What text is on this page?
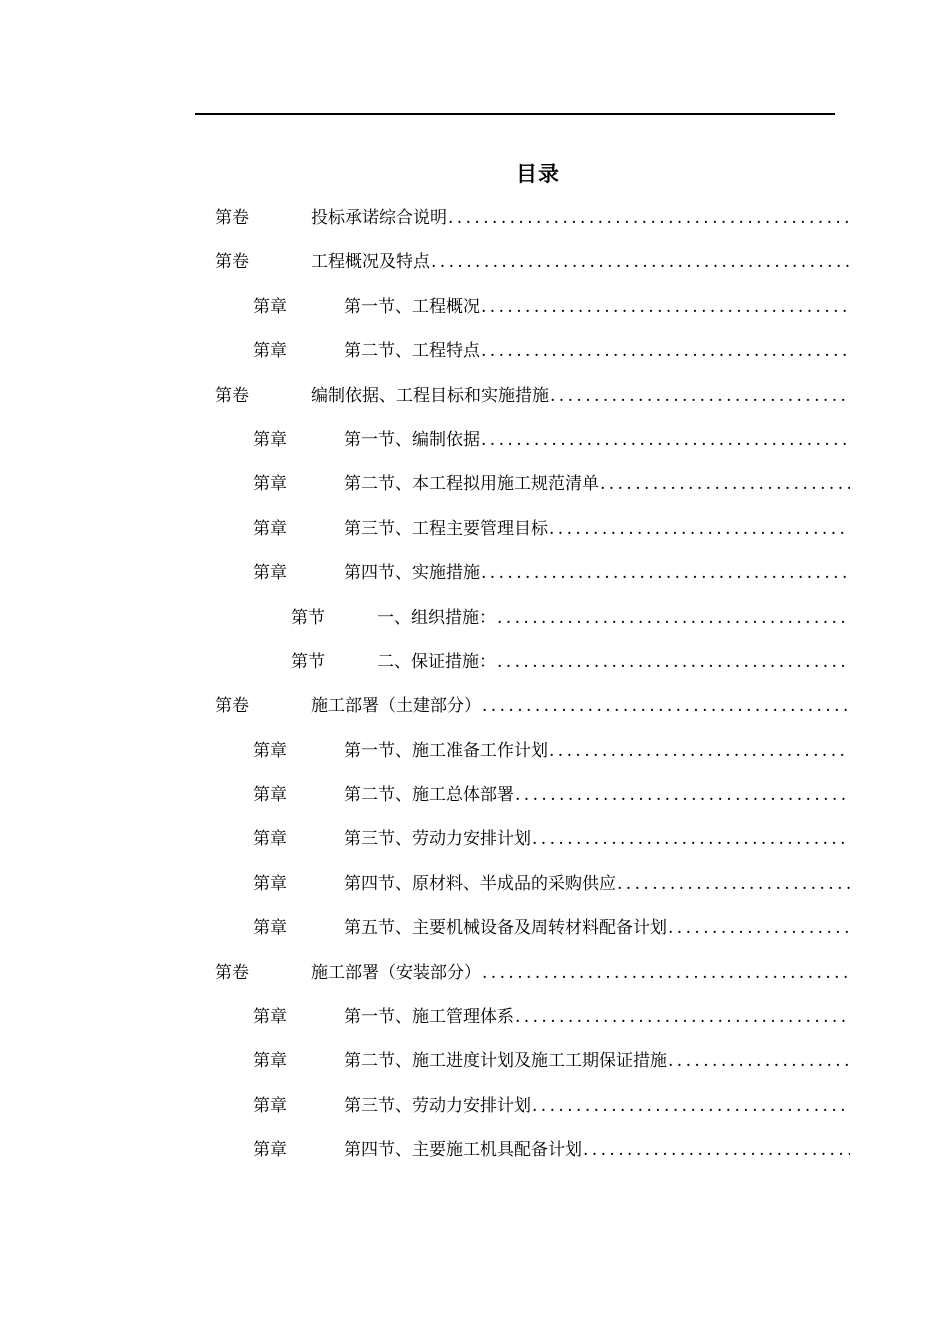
目录
第卷	投标承诺综合说明
.....
第卷	工程概况及特点
.....
第章	第一节、工程概况
.....
第章	第二节、工程特点
.....
第卷	编制依据、工程目标和实施措施
.....
第章	第一节、编制依据
.....
第章	第二节、本工程拟用施工规范清单
.....
第章	第三节、工程主要管理目标
.....
第章	第四节、实施措施
.....
第节	一、组织措施：
.....
第节	二、保证措施：
.....
第卷	施工部署（土建部分）
.....
第章	第一节、施工准备工作计划
.....
第章	第二节、施工总体部署
.....
第章	第三节、劳动力安排计划
.....
第章	第四节、原材料、半成品的采购供应
.....
第章	第五节、主要机械设备及周转材料配备计划
.....
第卷	施工部署（安装部分）
.....
第章	第一节、施工管理体系
.....
第章	第二节、施工进度计划及施工工期保证措施
.....
第章	第三节、劳动力安排计划
.....
第章	第四节、主要施工机具配备计划
.....
